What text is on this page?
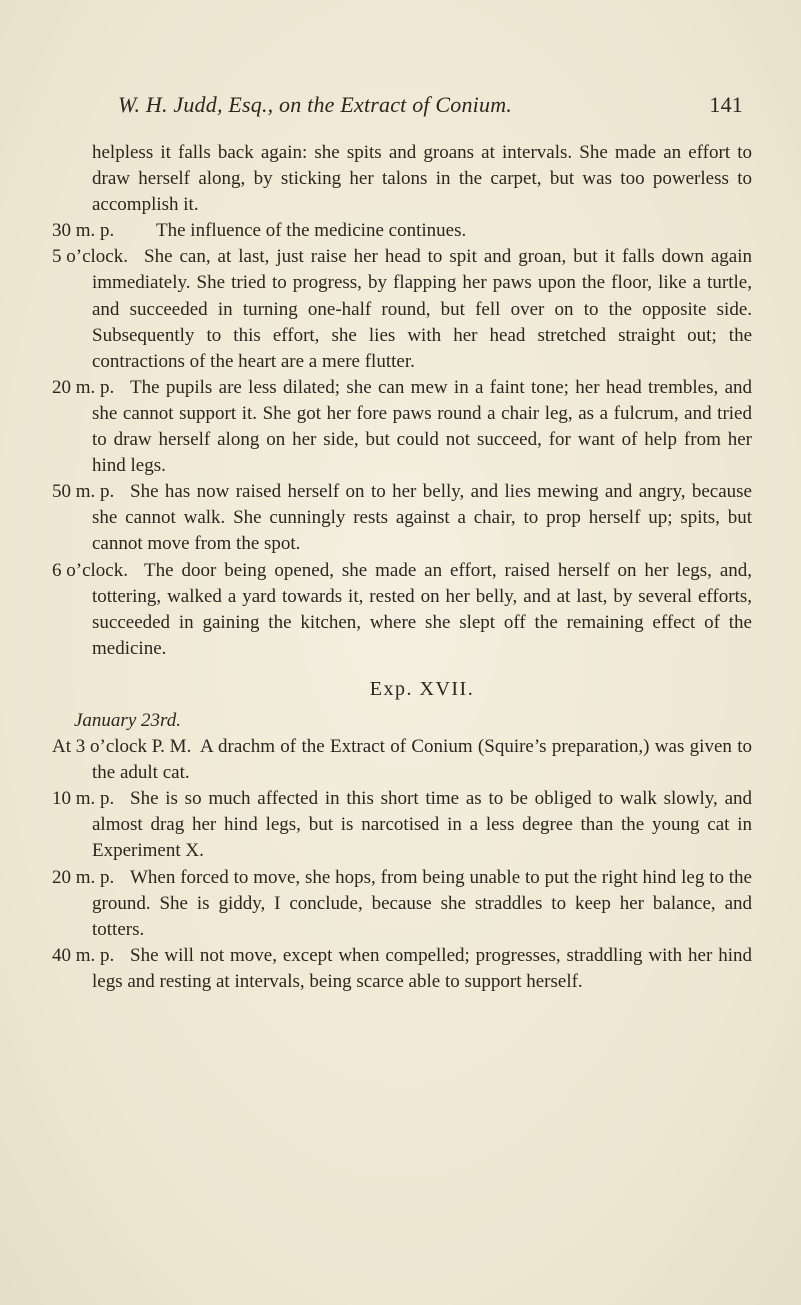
W. H. Judd, Esq., on the Extract of Conium.	141
helpless it falls back again: she spits and groans at intervals. She made an effort to draw herself along, by sticking her talons in the carpet, but was too powerless to accomplish it.
30 m. p.	The influence of the medicine continues.
5 o’clock. She can, at last, just raise her head to spit and groan, but it falls down again immediately. She tried to progress, by flapping her paws upon the floor, like a turtle, and succeeded in turning one-half round, but fell over on to the opposite side. Subsequently to this effort, she lies with her head stretched straight out; the contractions of the heart are a mere flutter.
20 m. p. The pupils are less dilated; she can mew in a faint tone; her head trembles, and she cannot support it. She got her fore paws round a chair leg, as a fulcrum, and tried to draw herself along on her side, but could not succeed, for want of help from her hind legs.
50 m. p. She has now raised herself on to her belly, and lies mewing and angry, because she cannot walk. She cunningly rests against a chair, to prop herself up; spits, but cannot move from the spot.
6 o’clock. The door being opened, she made an effort, raised herself on her legs, and, tottering, walked a yard towards it, rested on her belly, and at last, by several efforts, succeeded in gaining the kitchen, where she slept off the remaining effect of the medicine.
Exp. XVII.
January 23rd.
At 3 o’clock P. M. A drachm of the Extract of Conium (Squire’s preparation,) was given to the adult cat.
10 m. p. She is so much affected in this short time as to be obliged to walk slowly, and almost drag her hind legs, but is narcotised in a less degree than the young cat in Experiment X.
20 m. p. When forced to move, she hops, from being unable to put the right hind leg to the ground. She is giddy, I conclude, because she straddles to keep her balance, and totters.
40 m. p. She will not move, except when compelled; progresses, straddling with her hind legs and resting at intervals, being scarce able to support herself.
